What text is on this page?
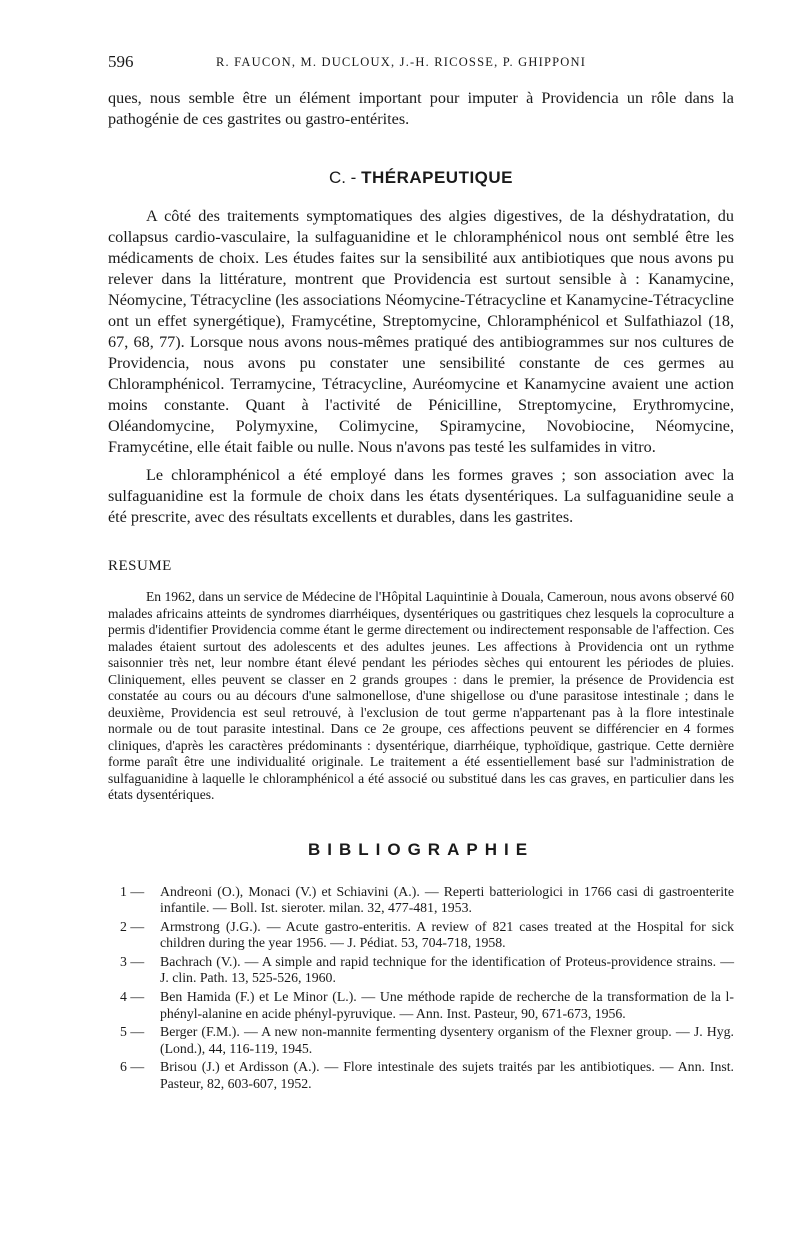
596	R. FAUCON, M. DUCLOUX, J.-H. RICOSSE, P. GHIPPONI

ques, nous semble être un élément important pour imputer à Providencia un rôle dans la pathogénie de ces gastrites ou gastro-entérites.

C. - THÉRAPEUTIQUE

A côté des traitements symptomatiques des algies digestives, de la déshydratation, du collapsus cardio-vasculaire, la sulfaguanidine et le chloramphénicol nous ont semblé être les médicaments de choix. Les études faites sur la sensibilité aux antibiotiques que nous avons pu relever dans la littérature, montrent que Providencia est surtout sensible à : Kanamycine, Néomycine, Tétracycline (les associations Néomycine-Tétracycline et Kanamycine-Tétracycline ont un effet synergétique), Framycétine, Streptomycine, Chloramphénicol et Sulfathiazol (18, 67, 68, 77). Lorsque nous avons nous-mêmes pratiqué des antibiogrammes sur nos cultures de Providencia, nous avons pu constater une sensibilité constante de ces germes au Chloramphénicol. Terramycine, Tétracycline, Auréomycine et Kanamycine avaient une action moins constante. Quant à l'activité de Pénicilline, Streptomycine, Erythromycine, Oléandomycine, Polymyxine, Colimycine, Spiramycine, Novobiocine, Néomycine, Framycétine, elle était faible ou nulle. Nous n'avons pas testé les sulfamides in vitro.

Le chloramphénicol a été employé dans les formes graves ; son association avec la sulfaguanidine est la formule de choix dans les états dysentériques. La sulfaguanidine seule a été prescrite, avec des résultats excellents et durables, dans les gastrites.

RESUME

En 1962, dans un service de Médecine de l'Hôpital Laquintinie à Douala, Cameroun, nous avons observé 60 malades africains atteints de syndromes diarrhéiques, dysentériques ou gastritiques chez lesquels la coproculture a permis d'identifier Providencia comme étant le germe directement ou indirectement responsable de l'affection. Ces malades étaient surtout des adolescents et des adultes jeunes. Les affections à Providencia ont un rythme saisonnier très net, leur nombre étant élevé pendant les périodes sèches qui entourent les périodes de pluies. Cliniquement, elles peuvent se classer en 2 grands groupes : dans le premier, la présence de Providencia est constatée au cours ou au décours d'une salmonellose, d'une shigellose ou d'une parasitose intestinale ; dans le deuxième, Providencia est seul retrouvé, à l'exclusion de tout germe n'appartenant pas à la flore intestinale normale ou de tout parasite intestinal. Dans ce 2e groupe, ces affections peuvent se différencier en 4 formes cliniques, d'après les caractères prédominants : dysentérique, diarrhéique, typhoïdique, gastrique. Cette dernière forme paraît être une individualité originale. Le traitement a été essentiellement basé sur l'administration de sulfaguanidine à laquelle le chloramphénicol a été associé ou substitué dans les cas graves, en particulier dans les états dysentériques.

BIBLIOGRAPHIE
1 — Andreoni (O.), Monaci (V.) et Schiavini (A.). — Reperti batteriologici in 1766 casi di gastroenterite infantile. — Boll. Ist. sieroter. milan. 32, 477-481, 1953.
2 — Armstrong (J.G.). — Acute gastro-enteritis. A review of 821 cases treated at the Hospital for sick children during the year 1956. — J. Pédiat. 53, 704-718, 1958.
3 — Bachrach (V.). — A simple and rapid technique for the identification of Proteus-providence strains. — J. clin. Path. 13, 525-526, 1960.
4 — Ben Hamida (F.) et Le Minor (L.). — Une méthode rapide de recherche de la transformation de la l-phényl-alanine en acide phényl-pyruvique. — Ann. Inst. Pasteur, 90, 671-673, 1956.
5 — Berger (F.M.). — A new non-mannite fermenting dysentery organism of the Flexner group. — J. Hyg. (Lond.), 44, 116-119, 1945.
6 — Brisou (J.) et Ardisson (A.). — Flore intestinale des sujets traités par les antibiotiques. — Ann. Inst. Pasteur, 82, 603-607, 1952.
